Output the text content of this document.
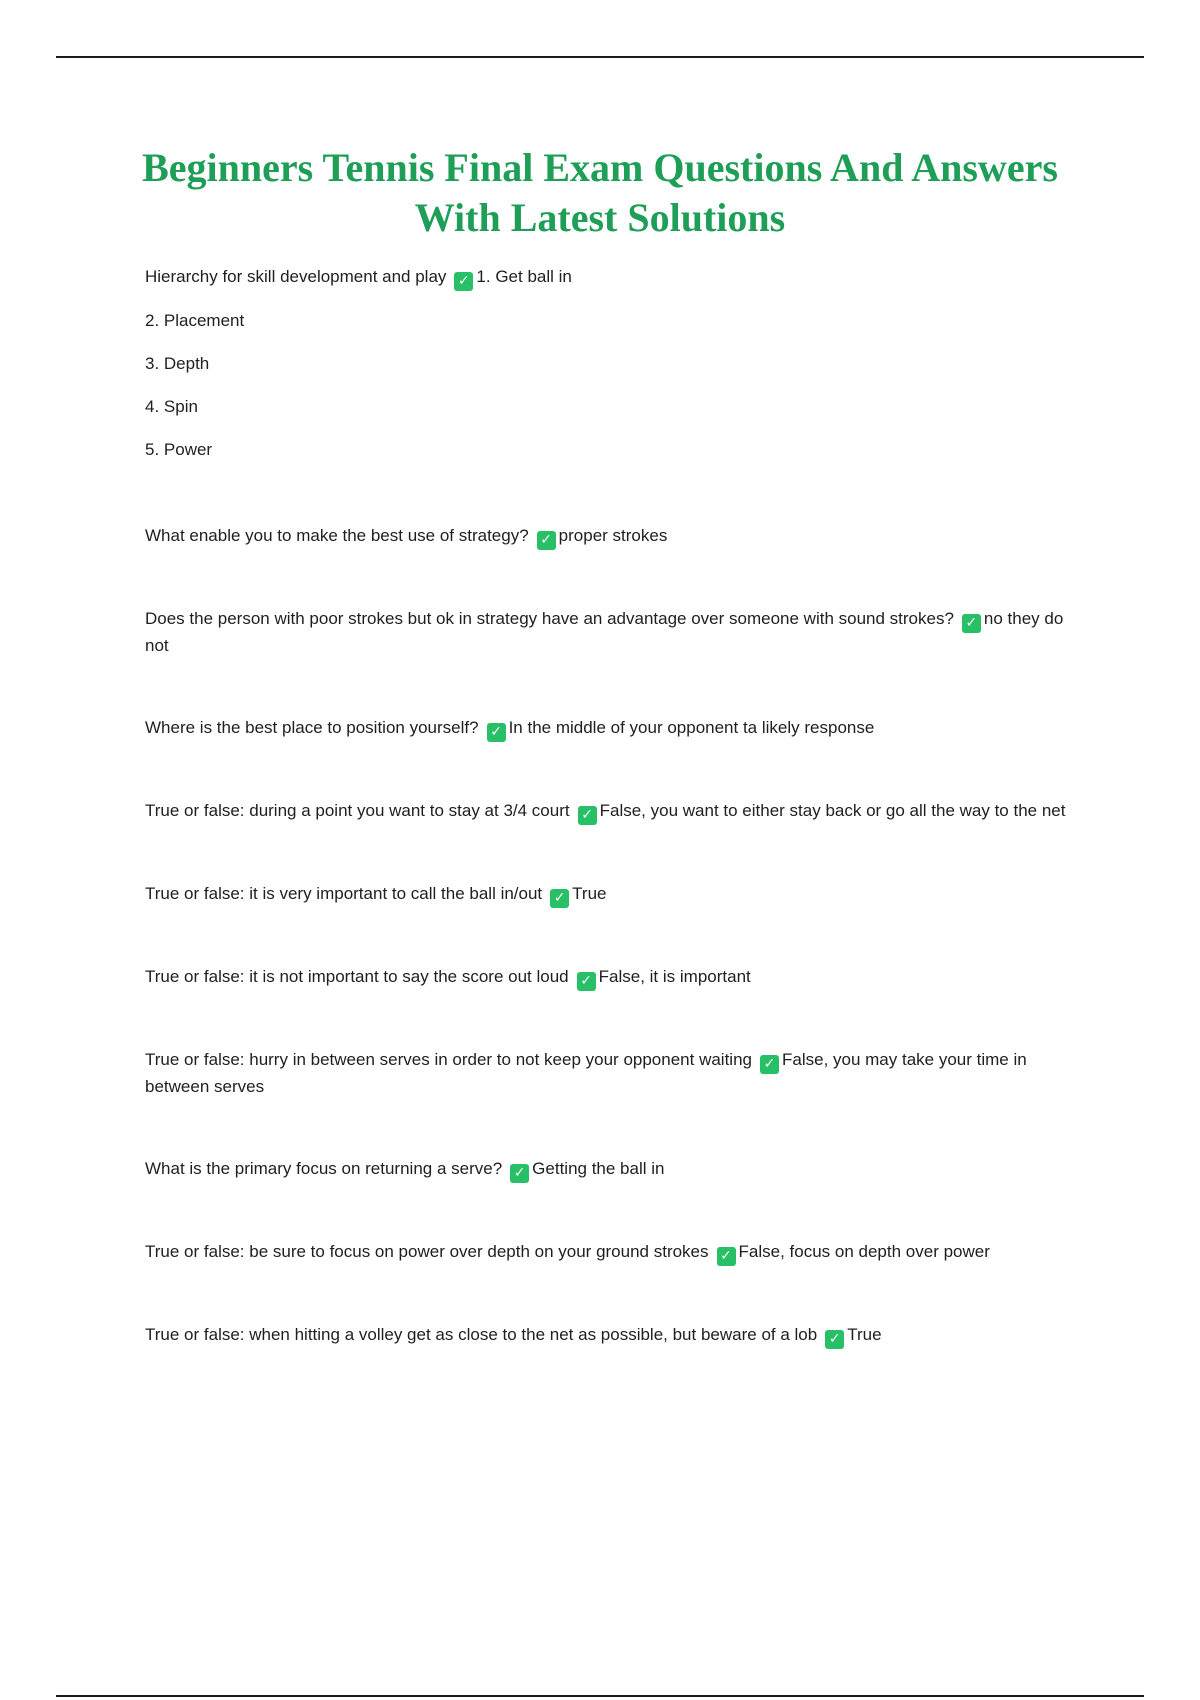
Beginners Tennis Final Exam Questions And Answers
With Latest Solutions

Hierarchy for skill development and play ✓ 1. Get ball in

2. Placement

3. Depth

4. Spin

5. Power

What enable you to make the best use of strategy? ✓ proper strokes

Does the person with poor strokes but ok in strategy have an advantage over someone with sound strokes? ✓ no they do not

Where is the best place to position yourself? ✓ In the middle of your opponent ta likely response

True or false: during a point you want to stay at 3/4 court ✓ False, you want to either stay back or go all the way to the net

True or false: it is very important to call the ball in/out ✓ True

True or false: it is not important to say the score out loud ✓ False, it is important

True or false: hurry in between serves in order to not keep your opponent waiting ✓ False, you may take your time in between serves

What is the primary focus on returning a serve? ✓ Getting the ball in

True or false: be sure to focus on power over depth on your ground strokes ✓ False, focus on depth over power

True or false: when hitting a volley get as close to the net as possible, but beware of a lob ✓ True
